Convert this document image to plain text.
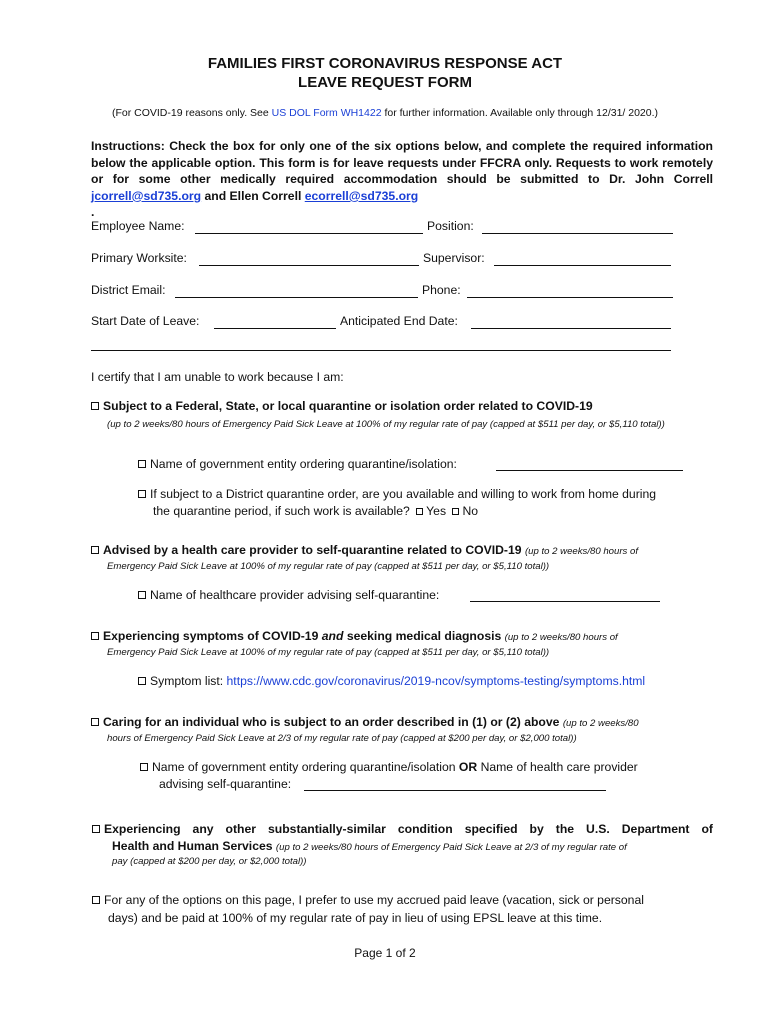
FAMILIES FIRST CORONAVIRUS RESPONSE ACT
LEAVE REQUEST FORM
(For COVID-19 reasons only. See US DOL Form WH1422 for further information. Available only through 12/31/ 2020.)
Instructions: Check the box for only one of the six options below, and complete the required information below the applicable option. This form is for leave requests under FFCRA only. Requests to work remotely or for some other medically required accommodation should be submitted to Dr. John Correll jcorrell@sd735.org and Ellen Correll ecorrell@sd735.org
.
Employee Name:	Position:
Primary Worksite:	Supervisor:
District Email:	Phone:
Start Date of Leave:	Anticipated End Date:
I certify that I am unable to work because I am:
Subject to a Federal, State, or local quarantine or isolation order related to COVID-19
(up to 2 weeks/80 hours of Emergency Paid Sick Leave at 100% of my regular rate of pay (capped at $511 per day, or $5,110 total))
Name of government entity ordering quarantine/isolation:
If subject to a District quarantine order, are you available and willing to work from home during
the quarantine period, if such work is available? Yes No
Advised by a health care provider to self-quarantine related to COVID-19 (up to 2 weeks/80 hours of
Emergency Paid Sick Leave at 100% of my regular rate of pay (capped at $511 per day, or $5,110 total))
Name of healthcare provider advising self-quarantine:
Experiencing symptoms of COVID-19 and seeking medical diagnosis (up to 2 weeks/80 hours of
Emergency Paid Sick Leave at 100% of my regular rate of pay (capped at $511 per day, or $5,110 total))
Symptom list: https://www.cdc.gov/coronavirus/2019-ncov/symptoms-testing/symptoms.html
Caring for an individual who is subject to an order described in (1) or (2) above (up to 2 weeks/80
hours of Emergency Paid Sick Leave at 2/3 of my regular rate of pay (capped at $200 per day, or $2,000 total))
Name of government entity ordering quarantine/isolation OR Name of health care provider
advising self-quarantine:
Experiencing any other substantially-similar condition specified by the U.S. Department of
Health and Human Services (up to 2 weeks/80 hours of Emergency Paid Sick Leave at 2/3 of my regular rate of
pay (capped at $200 per day, or $2,000 total))
For any of the options on this page, I prefer to use my accrued paid leave (vacation, sick or personal
days) and be paid at 100% of my regular rate of pay in lieu of using EPSL leave at this time.
Page 1 of 2
